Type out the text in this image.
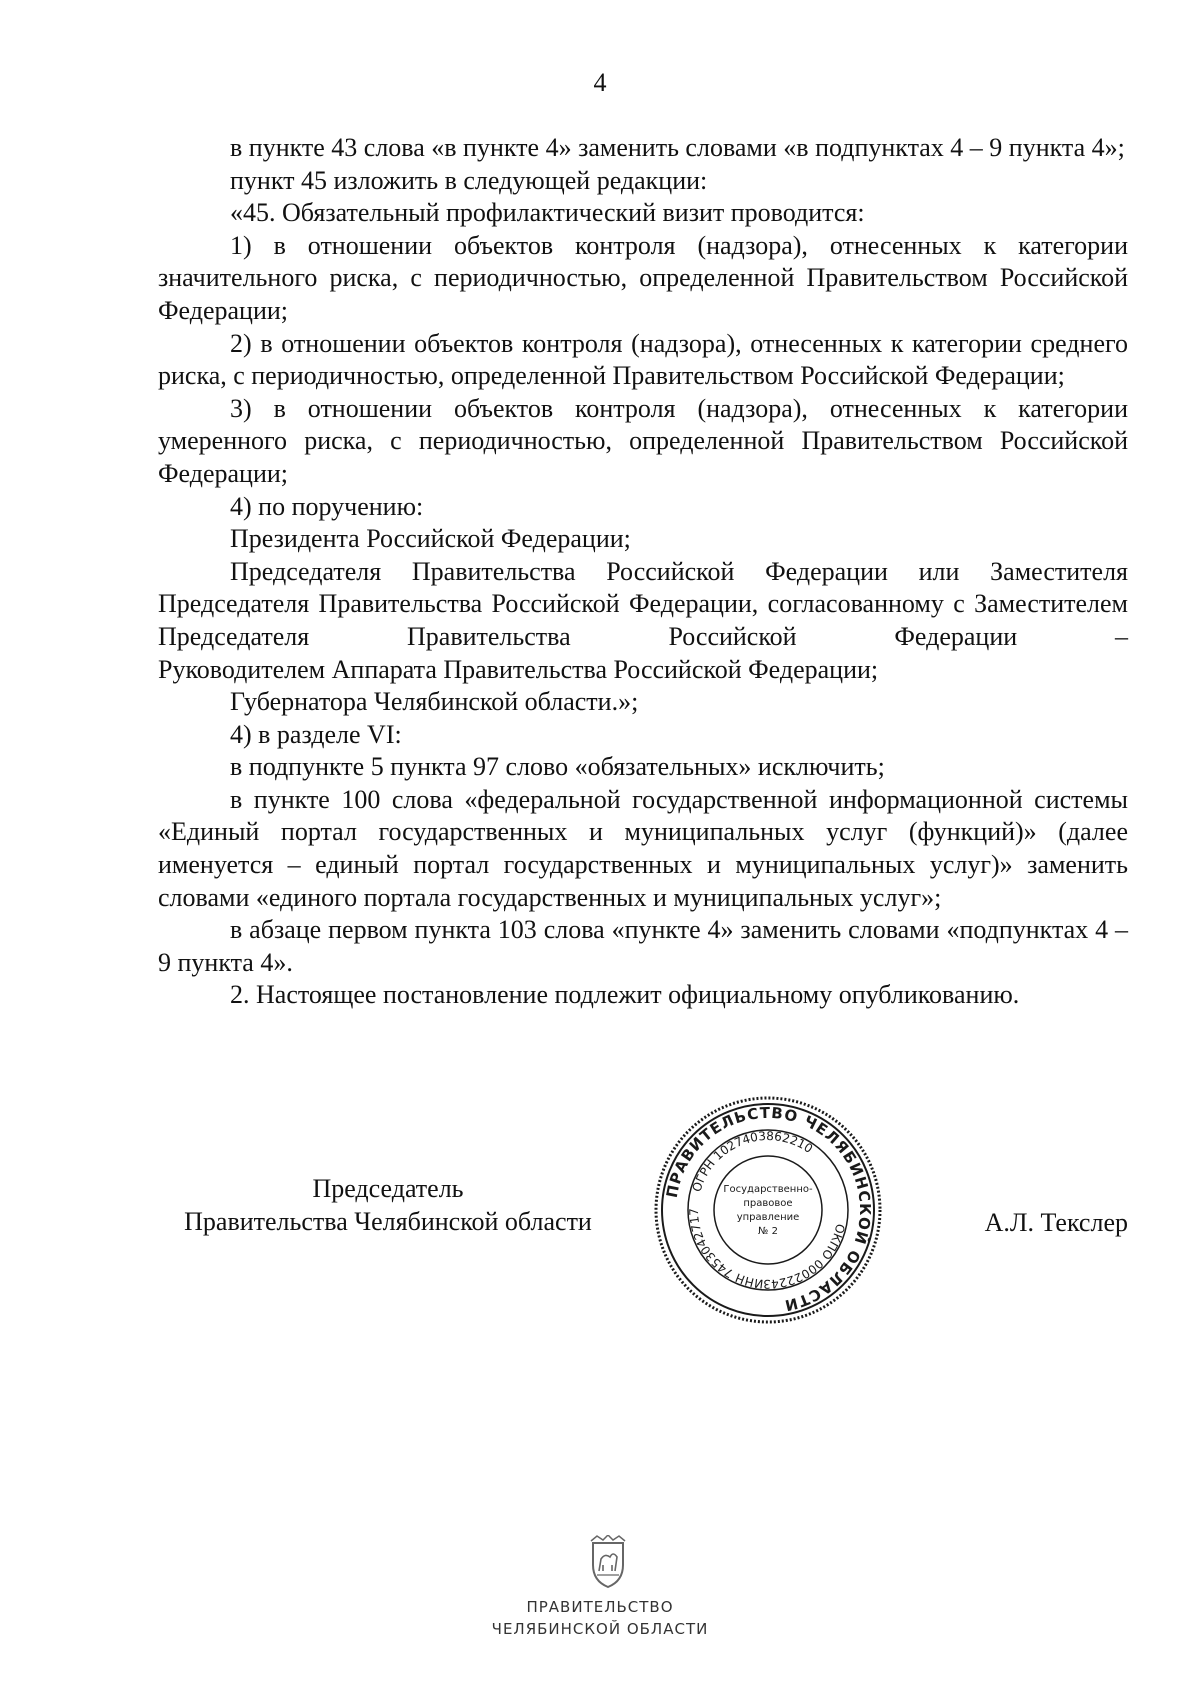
4

в пункте 43 слова «в пункте 4» заменить словами «в подпунктах 4 – 9 пункта 4»;

пункт 45 изложить в следующей редакции:

«45. Обязательный профилактический визит проводится:

1) в отношении объектов контроля (надзора), отнесенных к категории значительного риска, с периодичностью, определенной Правительством Российской Федерации;

2) в отношении объектов контроля (надзора), отнесенных к категории среднего риска, с периодичностью, определенной Правительством Российской Федерации;

3) в отношении объектов контроля (надзора), отнесенных к категории умеренного риска, с периодичностью, определенной Правительством Российской Федерации;

4) по поручению:

Президента Российской Федерации;

Председателя Правительства Российской Федерации или Заместителя Председателя Правительства Российской Федерации, согласованному с Заместителем Председателя Правительства Российской Федерации –

Руководителем Аппарата Правительства Российской Федерации;

Губернатора Челябинской области.»;

4) в разделе VI:

в подпункте 5 пункта 97 слово «обязательных» исключить;

в пункте 100 слова «федеральной государственной информационной системы «Единый портал государственных и муниципальных услуг (функций)» (далее именуется – единый портал государственных и муниципальных услуг)» заменить словами «единого портала государственных и муниципальных услуг»;

в абзаце первом пункта 103 слова «пункте 4» заменить словами «подпунктах 4 – 9 пункта 4».

2. Настоящее постановление подлежит официальному опубликованию.

Председатель
Правительства Челябинской области
ПРАВИТЕЛЬСТВО ЧЕЛЯБИНСКОЙ ОБЛАСТИ
ОГРН 1027403862210
ОКПО 00022243
ИНН 7453042717
Государственно-
правовое
управление
№ 2	А.Л. Текслер
ПРАВИТЕЛЬСТВО
ЧЕЛЯБИНСКОЙ ОБЛАСТИ
